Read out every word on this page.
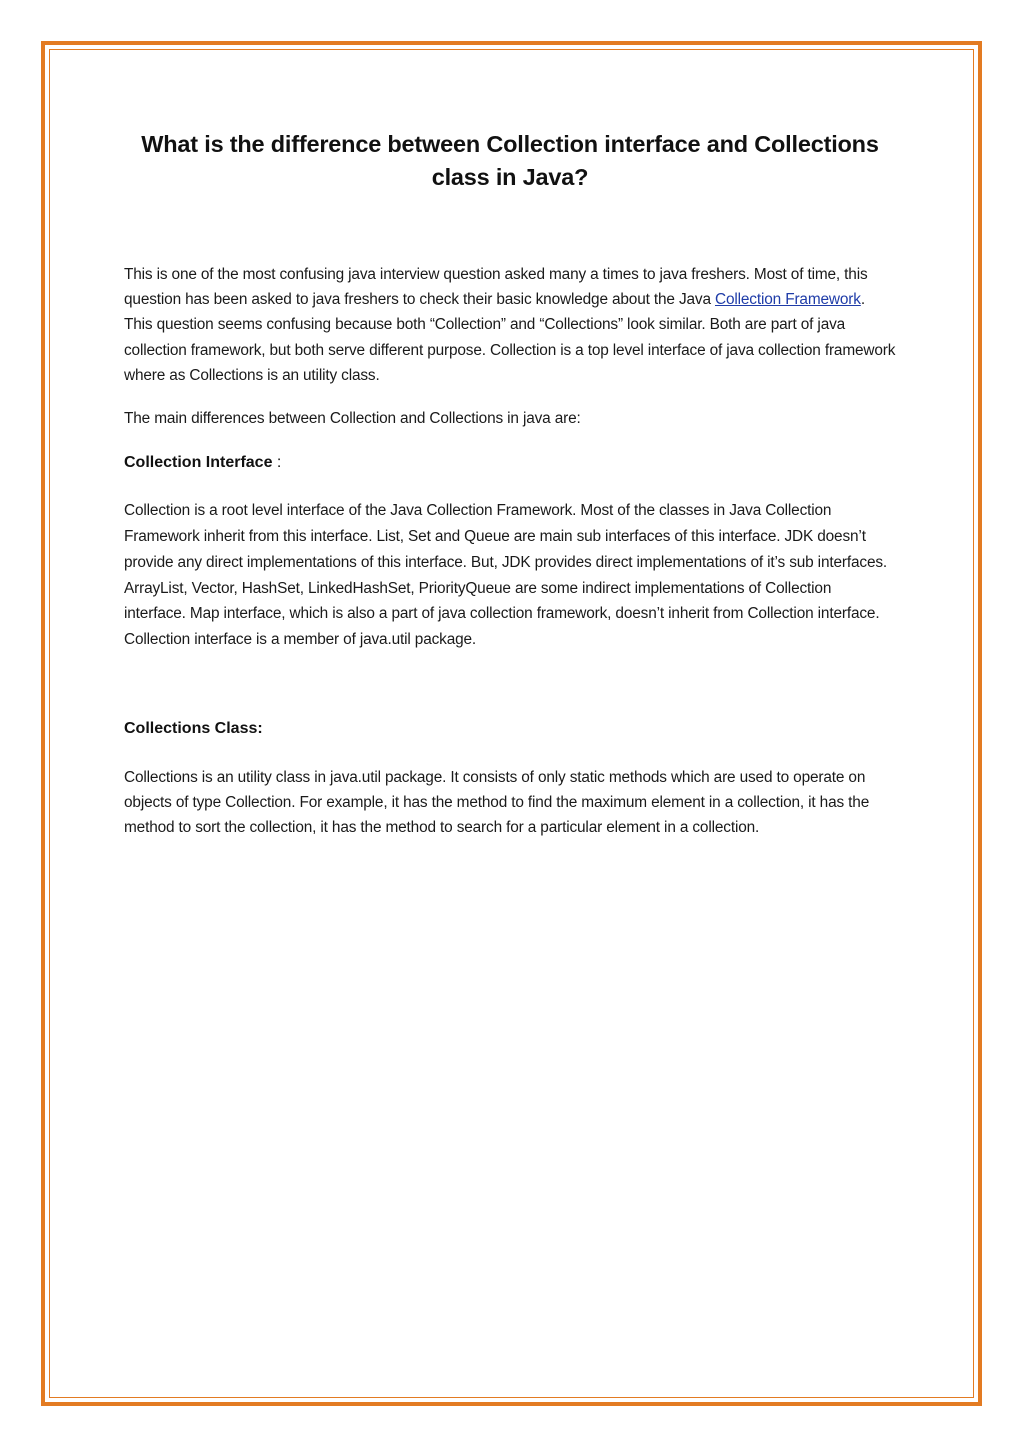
What is the difference between Collection interface and Collections class in Java?

This is one of the most confusing java interview question asked many a times to java freshers. Most of time, this question has been asked to java freshers to check their basic knowledge about the Java Collection Framework. This question seems confusing because both “Collection” and “Collections” look similar. Both are part of java collection framework, but both serve different purpose. Collection is a top level interface of java collection framework where as Collections is an utility class.

The main differences between Collection and Collections in java are:

Collection Interface :

Collection is a root level interface of the Java Collection Framework. Most of the classes in Java Collection Framework inherit from this interface. List, Set and Queue are main sub interfaces of this interface. JDK doesn’t provide any direct implementations of this interface. But, JDK provides direct implementations of it’s sub interfaces. ArrayList, Vector, HashSet, LinkedHashSet, PriorityQueue are some indirect implementations of Collection interface. Map interface, which is also a part of java collection framework, doesn’t inherit from Collection interface. Collection interface is a member of java.util package.

Collections Class:

Collections is an utility class in java.util package. It consists of only static methods which are used to operate on objects of type Collection. For example, it has the method to find the maximum element in a collection, it has the method to sort the collection, it has the method to search for a particular element in a collection.
